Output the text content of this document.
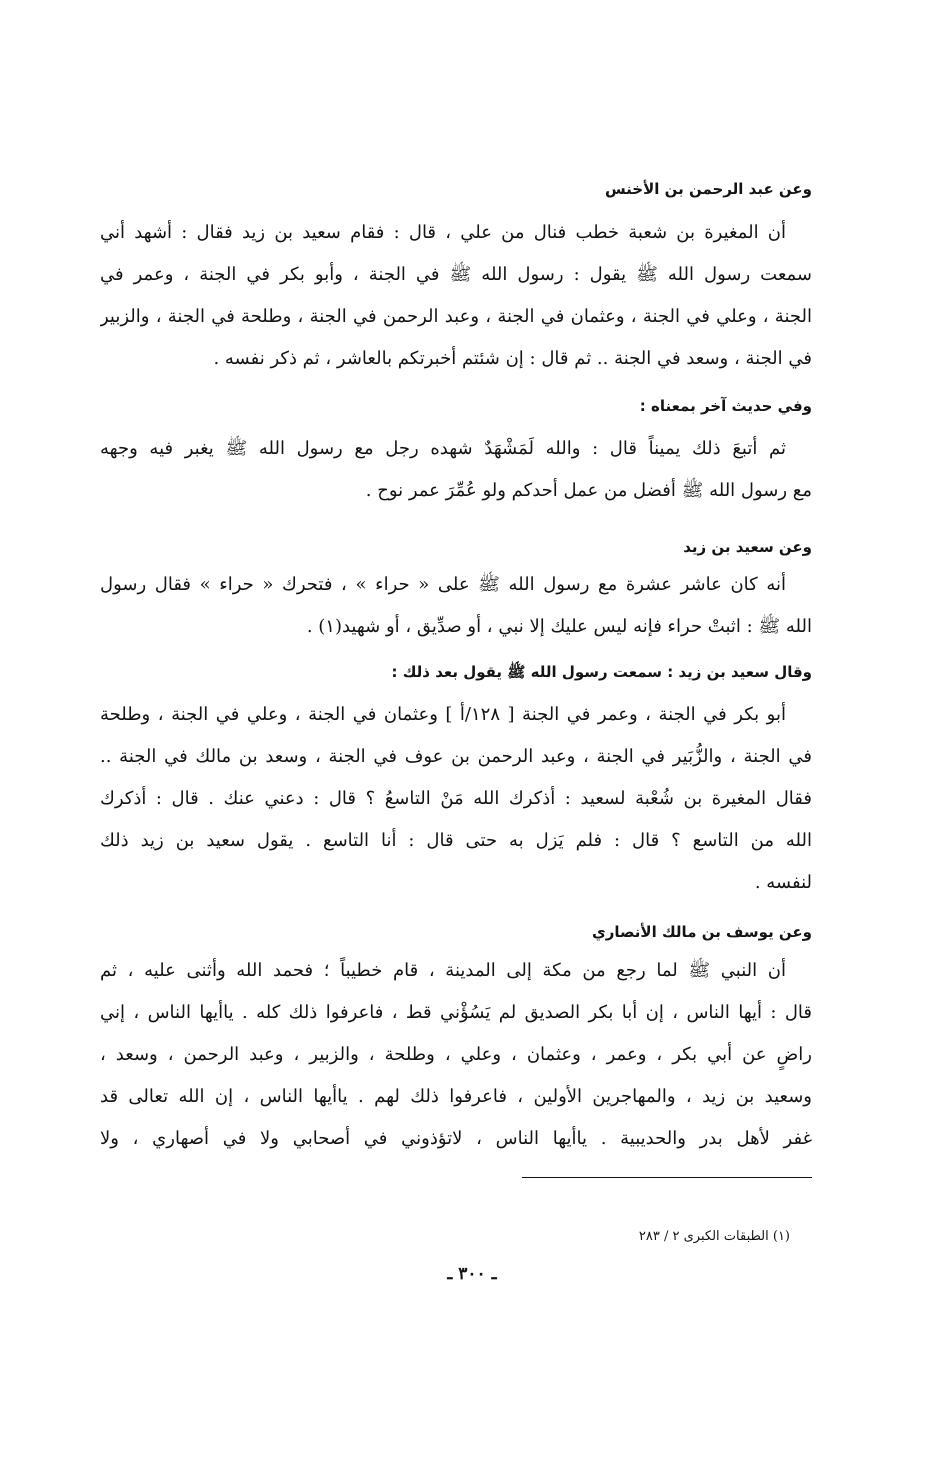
وعن عبد الرحمن بن الأخنس
أن المغيرة بن شعبة خطب فنال من علي ، قال : فقام سعيد بن زيد فقال : أشهد أني
سمعت رسول الله ﷺ يقول : رسول الله ﷺ في الجنة ، وأبو بكر في الجنة ، وعمر في
الجنة ، وعلي في الجنة ، وعثمان في الجنة ، وعبد الرحمن في الجنة ، وطلحة في الجنة ، والزبير
في الجنة ، وسعد في الجنة .. ثم قال : إن شئتم أخبرتكم بالعاشر ، ثم ذكر نفسه .
وفي حديث آخر بمعناه :
ثم أتبعَ ذلك يميناً قال : والله لَمَشْهَدٌ شهده رجل مع رسول الله ﷺ يغبر فيه وجهه
مع رسول الله ﷺ أفضل من عمل أحدكم ولو عُمِّرَ عمر نوح .
وعن سعيد بن زيد
أنه كان عاشر عشرة مع رسول الله ﷺ على « حراء » ، فتحرك « حراء » فقال رسول
الله ﷺ : اثبتْ حراء فإنه ليس عليك إلا نبي ، أو صدِّيق ، أو شهيد(١) .
وقال سعيد بن زيد : سمعت رسول الله ﷺ يقول بعد ذلك :
أبو بكر في الجنة ، وعمر في الجنة [ ١٢٨/أ ] وعثمان في الجنة ، وعلي في الجنة ، وطلحة
في الجنة ، والزُّبَير في الجنة ، وعبد الرحمن بن عوف في الجنة ، وسعد بن مالك في الجنة ..
فقال المغيرة بن شُعْبة لسعيد : أذكرك الله مَنْ التاسعُ ؟ قال : دعني عنك . قال : أذكرك
الله من التاسع ؟ قال : فلم يَزل به حتى قال : أنا التاسع . يقول سعيد بن زيد ذلك
لنفسه .
وعن يوسف بن مالك الأنصاري
أن النبي ﷺ لما رجع من مكة إلى المدينة ، قام خطيباً ؛ فحمد الله وأثنى عليه ، ثم
قال : أيها الناس ، إن أبا بكر الصديق لم يَسُؤْني قط ، فاعرفوا ذلك كله . ياأيها الناس ، إني
راضٍ عن أبي بكر ، وعمر ، وعثمان ، وعلي ، وطلحة ، والزبير ، وعبد الرحمن ، وسعد ،
وسعيد بن زيد ، والمهاجرين الأولين ، فاعرفوا ذلك لهم . ياأيها الناس ، إن الله تعالى قد
غفر لأهل بدر والحديبية . ياأيها الناس ، لاتؤذوني في أصحابي ولا في أصهاري ، ولا
(١) الطبقات الكبرى ٢ / ٢٨٣
ـ ٣٠٠ ـ
